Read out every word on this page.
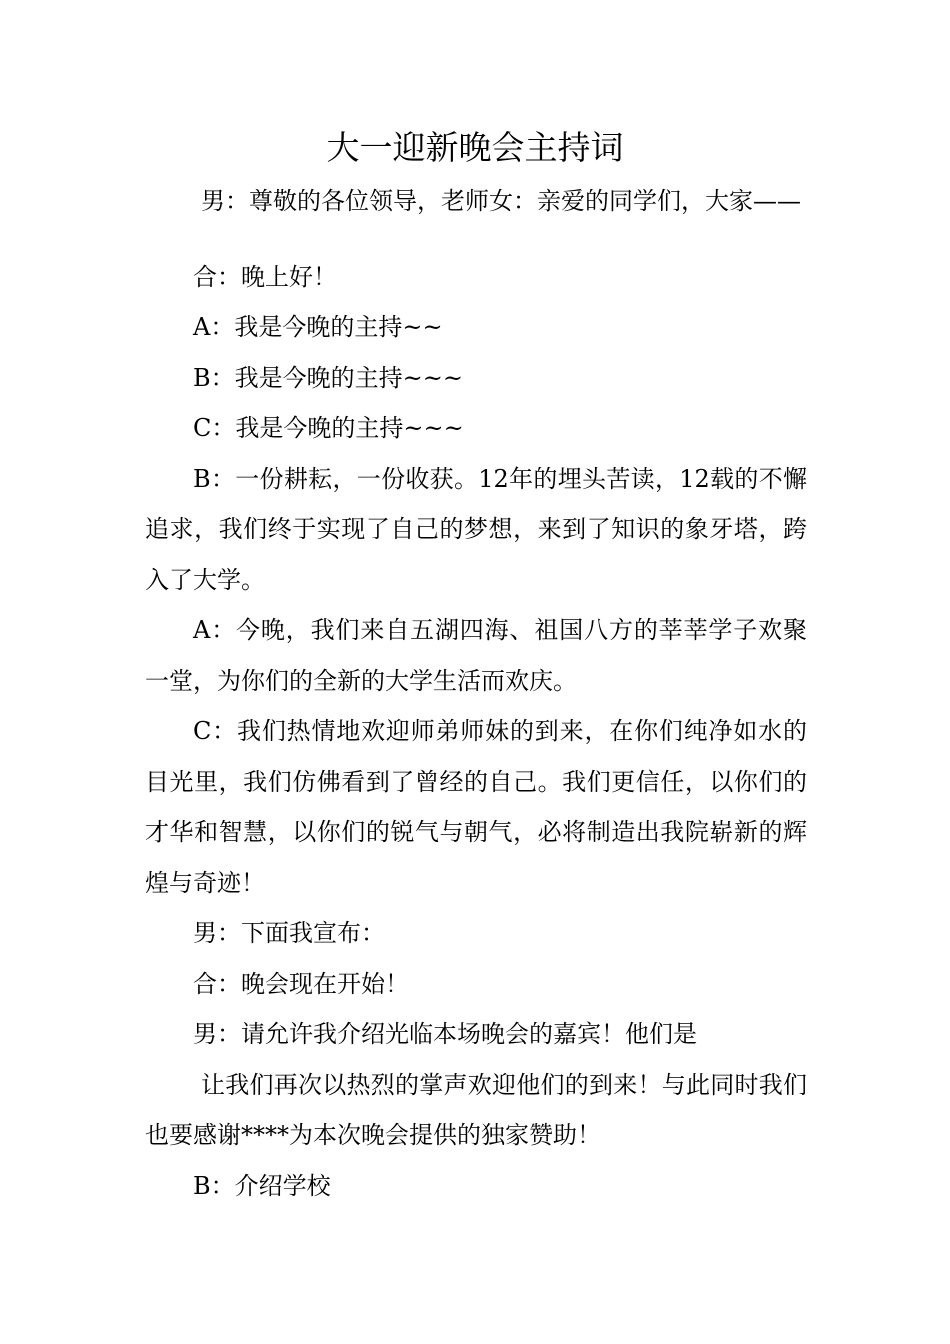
大一迎新晚会主持词

男：尊敬的各位领导，老师女：亲爱的同学们，大家——

合：晚上好！

A：我是今晚的主持~~

B：我是今晚的主持~~~

C：我是今晚的主持~~~

B：一份耕耘，一份收获。12年的埋头苦读，12载的不懈追求，我们终于实现了自己的梦想，来到了知识的象牙塔，跨入了大学。

A：今晚，我们来自五湖四海、祖国八方的莘莘学子欢聚一堂，为你们的全新的大学生活而欢庆。

C：我们热情地欢迎师弟师妹的到来，在你们纯净如水的目光里，我们仿佛看到了曾经的自己。我们更信任，以你们的才华和智慧，以你们的锐气与朝气，必将制造出我院崭新的辉煌与奇迹！

男：下面我宣布：

合：晚会现在开始！

男：请允许我介绍光临本场晚会的嘉宾！他们是

让我们再次以热烈的掌声欢迎他们的到来！与此同时我们也要感谢****为本次晚会提供的独家赞助！

B：介绍学校
